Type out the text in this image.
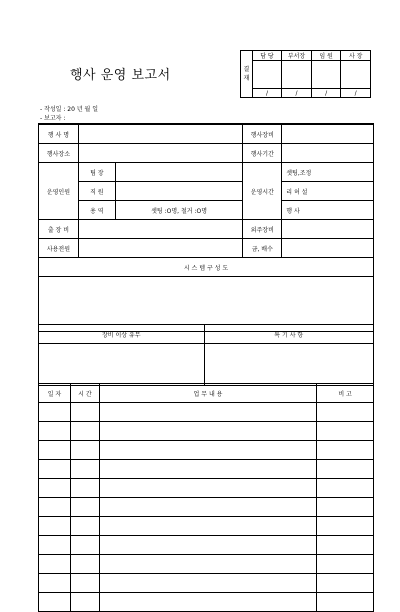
행사 운영 보고서	결재	담 당	부서장	임 원	사 장

	/	/	/	/
- 작성일 : 20 년 월 일
- 보고자 :
행 사 명			행사장비	
행사장소			행사기간	
운영인원	팀 장		운영시간	셋팅,조정
	직 원			리 허 설
	용 역	셋팅 :O명, 철거 :O명		행 사
출 장 비			외주장비	
사용전원			금, 배수	
시 스 템 구 성 도				

장비 이상 유무	특 기 사 항

일 자	시 간	업 무 내 용	비 고
